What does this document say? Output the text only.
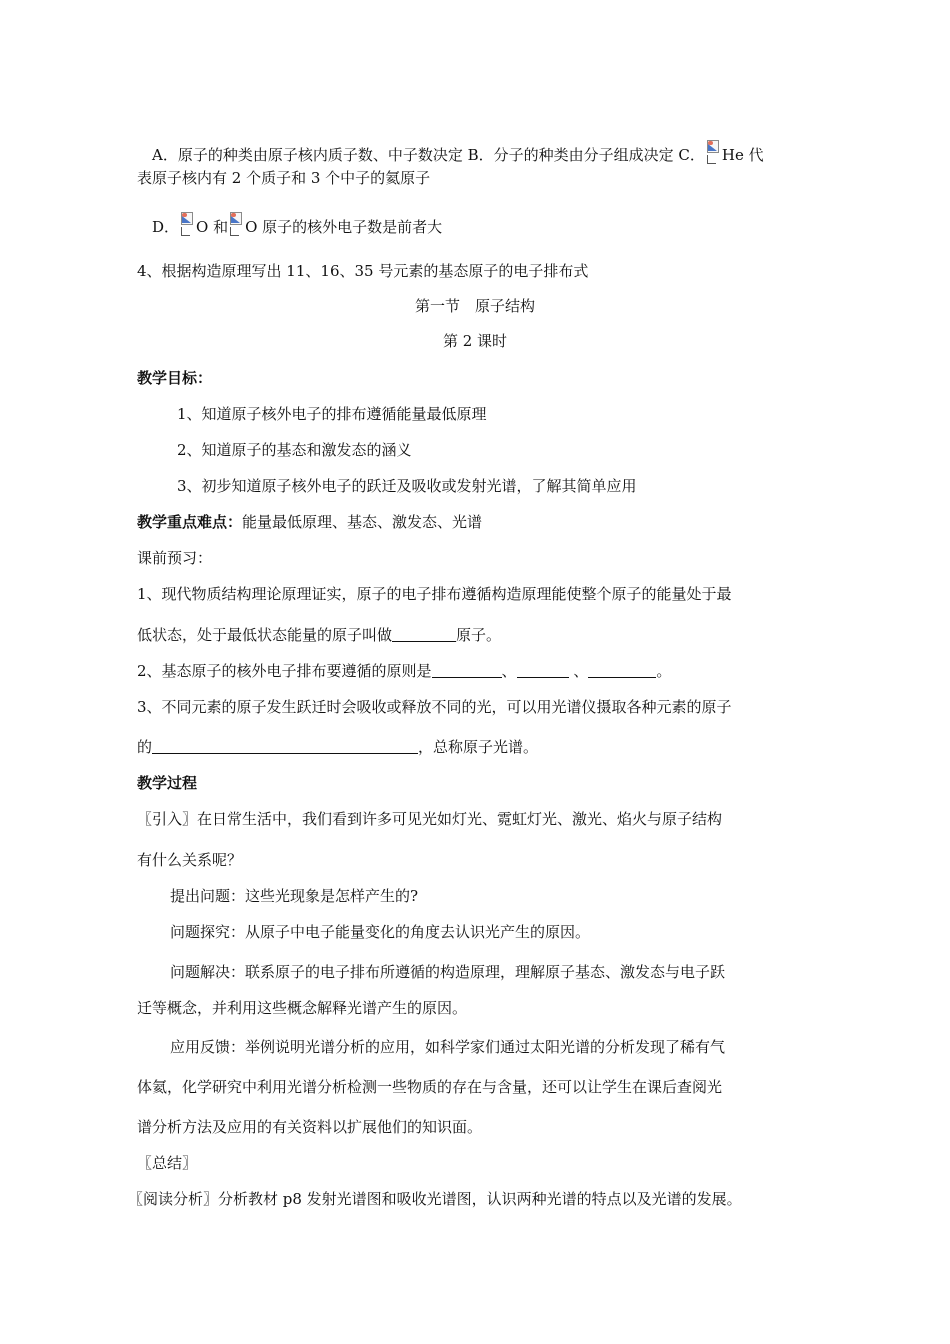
A．原子的种类由原子核内质子数、中子数决定 B．分子的种类由分子组成决定 C． He 代
表原子核内有 2 个质子和 3 个中子的氦原子
D． O 和 O 原子的核外电子数是前者大
4、根据构造原理写出 11、16、35 号元素的基态原子的电子排布式
第一节　原子结构
第 2 课时
教学目标：
1、知道原子核外电子的排布遵循能量最低原理
2、知道原子的基态和激发态的涵义
3、初步知道原子核外电子的跃迁及吸收或发射光谱，了解其简单应用
教学重点难点：能量最低原理、基态、激发态、光谱
课前预习：
1、现代物质结构理论原理证实，原子的电子排布遵循构造原理能使整个原子的能量处于最
低状态，处于最低状态能量的原子叫做	原子。
2、基态原子的核外电子排布要遵循的原则是	、	、	。
3、不同元素的原子发生跃迁时会吸收或释放不同的光，可以用光谱仪摄取各种元素的原子
的	，总称原子光谱。
教学过程
〖引入〗在日常生活中，我们看到许多可见光如灯光、霓虹灯光、激光、焰火与原子结构
有什么关系呢？
提出问题：这些光现象是怎样产生的?
问题探究：从原子中电子能量变化的角度去认识光产生的原因。
问题解决：联系原子的电子排布所遵循的构造原理，理解原子基态、激发态与电子跃
迁等概念，并利用这些概念解释光谱产生的原因。
应用反馈：举例说明光谱分析的应用，如科学家们通过太阳光谱的分析发现了稀有气
体氦，化学研究中利用光谱分析检测一些物质的存在与含量，还可以让学生在课后查阅光
谱分析方法及应用的有关资料以扩展他们的知识面。
〖总结〗
〖阅读分析〗分析教材 p8 发射光谱图和吸收光谱图，认识两种光谱的特点以及光谱的发展。
